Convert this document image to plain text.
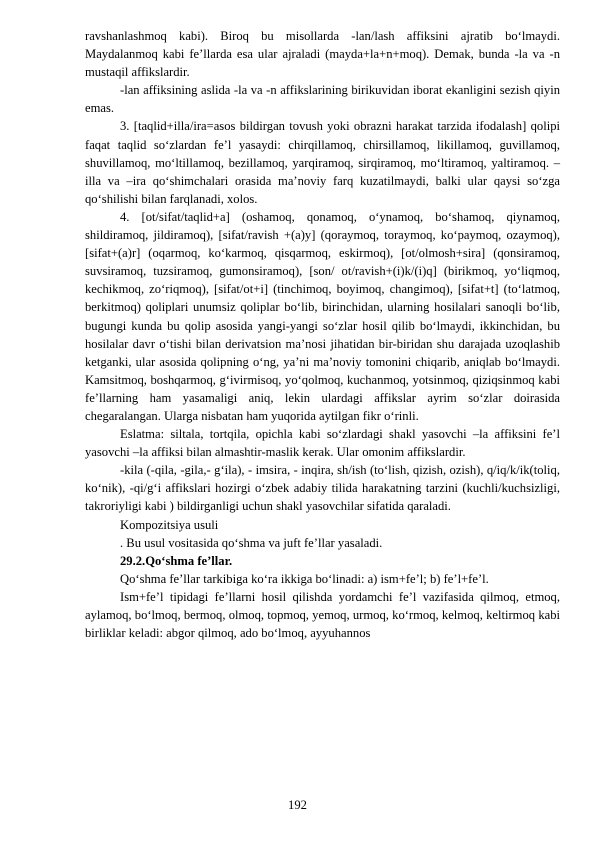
ravshanlashmoq kabi). Biroq bu misollarda -lan/lash affiksini ajratib bo‘lmaydi. Maydalanmoq kabi fe’llarda esa ular ajraladi (mayda+la+n+moq). Demak, bunda -la va -n mustaqil affikslardir.

-lan affiksining aslida -la va -n affikslarining birikuvidan iborat ekanligini sezish qiyin emas.

3. [taqlid+illa/ira=asos bildirgan tovush yoki obrazni harakat tarzida ifodalash] qolipi faqat taqlid so‘zlardan fe’l yasaydi: chirqillamoq, chirsillamoq, likillamoq, guvillamoq, shuvillamoq, mo‘ltillamoq, bezillamoq, yarqiramoq, sirqiramoq, mo‘ltiramoq, yaltiramoq. –illa va –ira qo‘shimchalari orasida ma’noviy farq kuzatilmaydi, balki ular qaysi so‘zga qo‘shilishi bilan farqlanadi, xolos.

4. [ot/sifat/taqlid+a] (oshamoq, qonamoq, o‘ynamoq, bo‘shamoq, qiynamoq, shildiramoq, jildiramoq), [sifat/ravish +(a)y] (qoraymoq, toraymoq, ko‘paymoq, ozaymoq), [sifat+(a)r] (oqarmoq, ko‘karmoq, qisqarmoq, eskirmoq), [ot/olmosh+sira] (qonsiramoq, suvsiramoq, tuzsiramoq, gumonsiramoq), [son/ ot/ravish+(i)k/(i)q] (birikmoq, yo‘liqmoq, kechikmoq, zo‘riqmoq), [sifat/ot+i] (tinchimoq, boyimoq, changimoq), [sifat+t] (to‘latmoq, berkitmoq) qoliplari unumsiz qoliplar bo‘lib, birinchidan, ularning hosilalari sanoqli bo‘lib, bugungi kunda bu qolip asosida yangi-yangi so‘zlar hosil qilib bo‘lmaydi, ikkinchidan, bu hosilalar davr o‘tishi bilan derivatsion ma’nosi jihatidan bir-biridan shu darajada uzoqlashib ketganki, ular asosida qolipning o‘ng, ya’ni ma’noviy tomonini chiqarib, aniqlab bo‘lmaydi. Kamsitmoq, boshqarmoq, g‘ivirmisoq, yo‘qolmoq, kuchanmoq, yotsinmoq, qiziqsinmoq kabi fe’llarning ham yasamaligi aniq, lekin ulardagi affikslar ayrim so‘zlar doirasida chegaralangan. Ularga nisbatan ham yuqorida aytilgan fikr o‘rinli.

Eslatma: siltala, tortqila, opichla kabi so‘zlardagi shakl yasovchi –la affiksini fe’l yasovchi –la affiksi bilan almashtir-maslik kerak. Ular omonim affikslardir.

-kila (-qila, -gila,- g‘ila), - imsira, - inqira, sh/ish (to‘lish, qizish, ozish), q/iq/k/ik(toliq, ko‘nik), -qi/g‘i affikslari hozirgi o‘zbek adabiy tilida harakatning tarzini (kuchli/kuchsizligi, takroriyligi kabi ) bildirganligi uchun shakl yasovchilar sifatida qaraladi.

Kompozitsiya usuli

. Bu usul vositasida qo‘shma va juft fe’llar yasaladi.

29.2.Qo‘shma fe’llar.

Qo‘shma fe’llar tarkibiga ko‘ra ikkiga bo‘linadi: a) ism+fe’l; b) fe’l+fe’l.

Ism+fe’l tipidagi fe’llarni hosil qilishda yordamchi fe’l vazifasida qilmoq, etmoq, aylamoq, bo‘lmoq, bermoq, olmoq, topmoq, yemoq, urmoq, ko‘rmoq, kelmoq, keltirmoq kabi birliklar keladi: abgor qilmoq, ado bo‘lmoq, ayyuhannos

192
